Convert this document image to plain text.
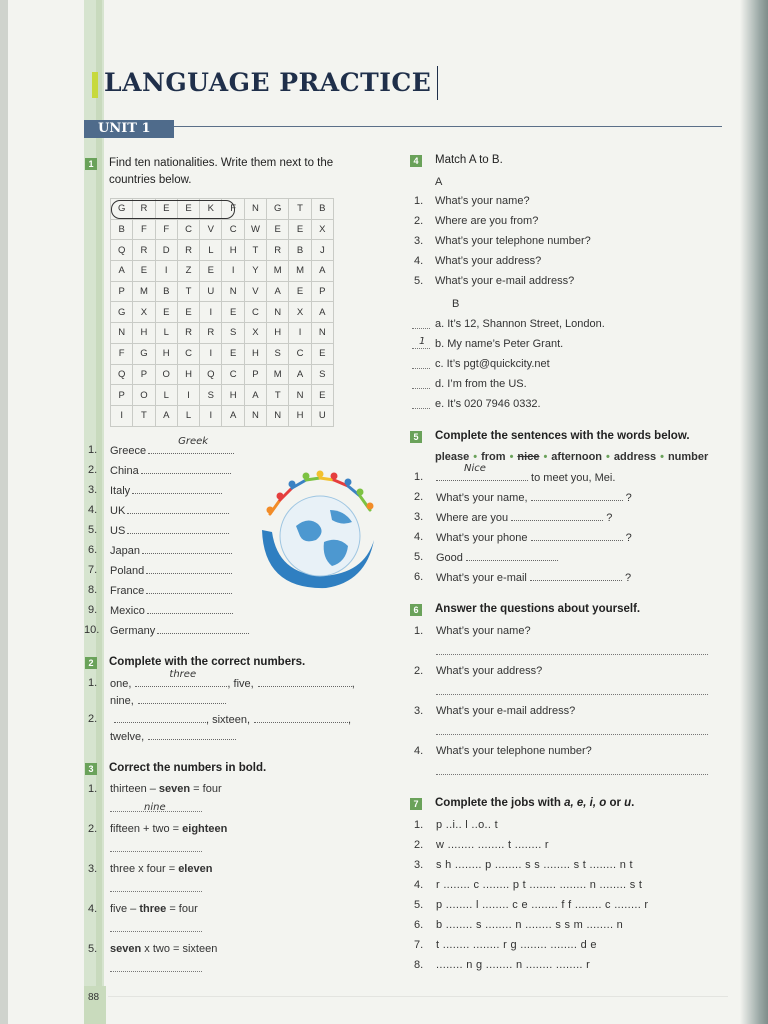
LANGUAGE PRACTICE
UNIT 1
1	Find ten nationalities. Write them next to the countries below.
G	R	E	E	K	F	N	G	T	B
B	F	F	C	V	C	W	E	E	X
Q	R	D	R	L	H	T	R	B	J
A	E	I	Z	E	I	Y	M	M	A
P	M	B	T	U	N	V	A	E	P
G	X	E	E	I	E	C	N	X	A
N	H	L	R	R	S	X	H	I	N
F	G	H	C	I	E	H	S	C	E
Q	P	O	H	Q	C	P	M	A	S
P	O	L	I	S	H	A	T	N	E
I	T	A	L	I	A	N	N	H	U
1. Greece
Greek
2. China
3. Italy
4. UK
5. US
6. Japan
7. Poland
8. France
9. Mexico
10. Germany
2	Complete with the correct numbers.
1. one,
three
, five,	,
nine,
2.	, sixteen,	,
twelve,
3	Correct the numbers in bold.
1. thirteen – seven = four
nine
2. fifteen + two = eighteen
3. three x four = eleven
4. five – three = four
5. seven x two = sixteen
4	Match A to B.
A
1. What’s your name?
2. Where are you from?
3. What’s your telephone number?
4. What’s your address?
5. What’s your e-mail address?
B
a. It’s 12, Shannon Street, London.
1 b. My name’s Peter Grant.
c. It’s pgt@quickcity.net
d. I’m from the US.
e. It’s 020 7946 0332.
5	Complete the sentences with the words below.
please • from • nice • afternoon • address • number
1.
Nice
to meet you, Mei.
2. What’s your name,	?
3. Where are you	?
4. What’s your phone	?
5. Good
6. What’s your e-mail	?
6	Answer the questions about yourself.
1. What’s your name?
2. What’s your address?
3. What’s your e-mail address?
4. What’s your telephone number?
7	Complete the jobs with a, e, i, o or u.
1. p ..i.. l ..o.. t
2. w ........ ........ t ........ r
3. s h ........ p ........ s s ........ s t ........ n t
4. r ........ c ........ p t ........ ........ n ........ s t
5. p ........ l ........ c e ........ f f ........ c ........ r
6. b ........ s ........ n ........ s s m ........ n
7. t ........ ........ r g ........ ........ d e
8. ........ n g ........ n ........ ........ r
88
